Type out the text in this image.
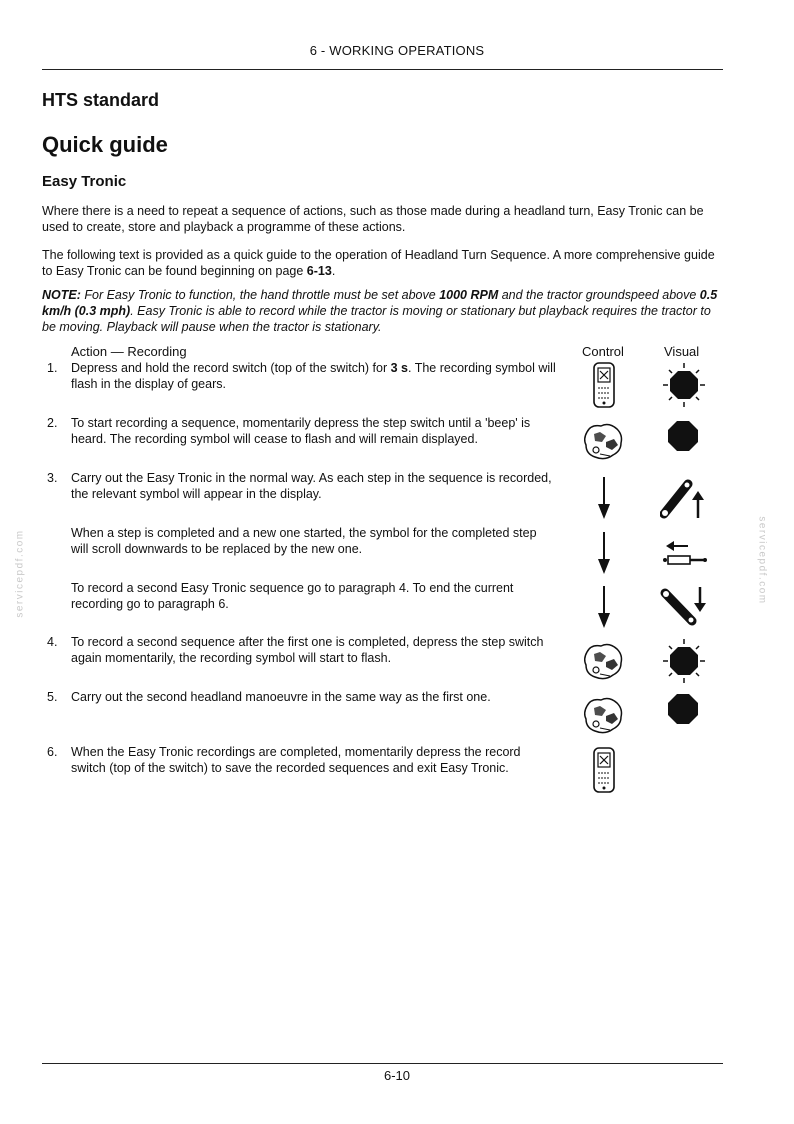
6 - WORKING OPERATIONS
HTS standard
Quick guide
Easy Tronic

Where there is a need to repeat a sequence of actions, such as those made during a headland turn, Easy Tronic can be used to create, store and playback a programme of these actions.

The following text is provided as a quick guide to the operation of Headland Turn Sequence. A more comprehensive guide to Easy Tronic can be found beginning on page 6-13.

NOTE: For Easy Tronic to function, the hand throttle must be set above 1000 RPM and the tractor groundspeed above 0.5 km/h (0.3 mph). Easy Tronic is able to record while the tractor is moving or stationary but playback requires the tractor to be moving. Playback will pause when the tractor is stationary.

Action — Recording	Control	Visual
1.	Depress and hold the record switch (top of the switch) for 3 s. The recording symbol will flash in the display of gears.
2.	To start recording a sequence, momentarily depress the step switch until a 'beep' is heard. The recording symbol will cease to flash and will remain displayed.
3.	Carry out the Easy Tronic in the normal way. As each step in the sequence is recorded, the relevant symbol will appear in the display.
When a step is completed and a new one started, the symbol for the completed step will scroll downwards to be replaced by the new one.
To record a second Easy Tronic sequence go to paragraph 4. To end the current recording go to paragraph 6.
4.	To record a second sequence after the first one is completed, depress the step switch again momentarily, the recording symbol will start to flash.
5.	Carry out the second headland manoeuvre in the same way as the first one.
6.	When the Easy Tronic recordings are completed, momentarily depress the record switch (top of the switch) to save the recorded sequences and exit Easy Tronic.
servicepdf.com	servicepdf.com
6-10
